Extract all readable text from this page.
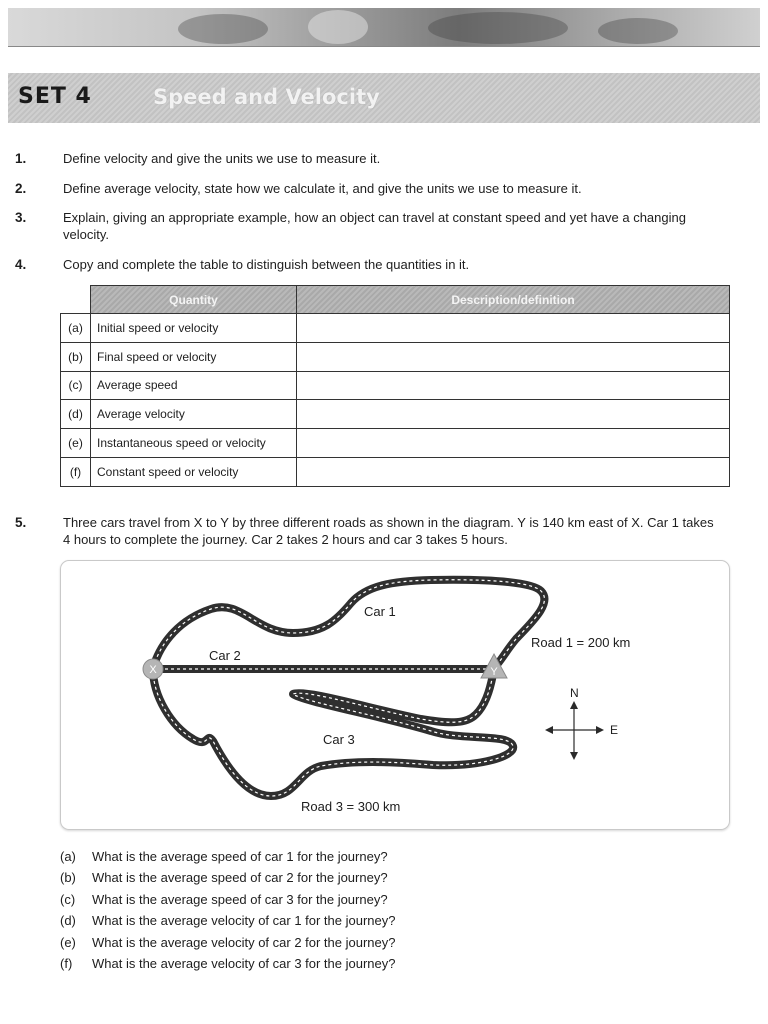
SET 4	Speed and Velocity
1.	Define velocity and give the units we use to measure it.
2.	Define average velocity, state how we calculate it, and give the units we use to measure it.
3.	Explain, giving an appropriate example, how an object can travel at constant speed and yet have a changing velocity.
4.	Copy and complete the table to distinguish between the quantities in it.
	Quantity	Description/definition
(a)	Initial speed or velocity	
(b)	Final speed or velocity	
(c)	Average speed	
(d)	Average velocity	
(e)	Instantaneous speed or velocity	
(f)	Constant speed or velocity	
5.	Three cars travel from X to Y by three different roads as shown in the diagram. Y is 140 km east of X. Car 1 takes 4 hours to complete the journey. Car 2 takes 2 hours and car 3 takes 5 hours.
X	Y
Car 1
Car 2
Car 3
Road 1 = 200 km
Road 3 = 300 km
N
E
(a)	What is the average speed of car 1 for the journey?
(b)	What is the average speed of car 2 for the journey?
(c)	What is the average speed of car 3 for the journey?
(d)	What is the average velocity of car 1 for the journey?
(e)	What is the average velocity of car 2 for the journey?
(f)	What is the average velocity of car 3 for the journey?
